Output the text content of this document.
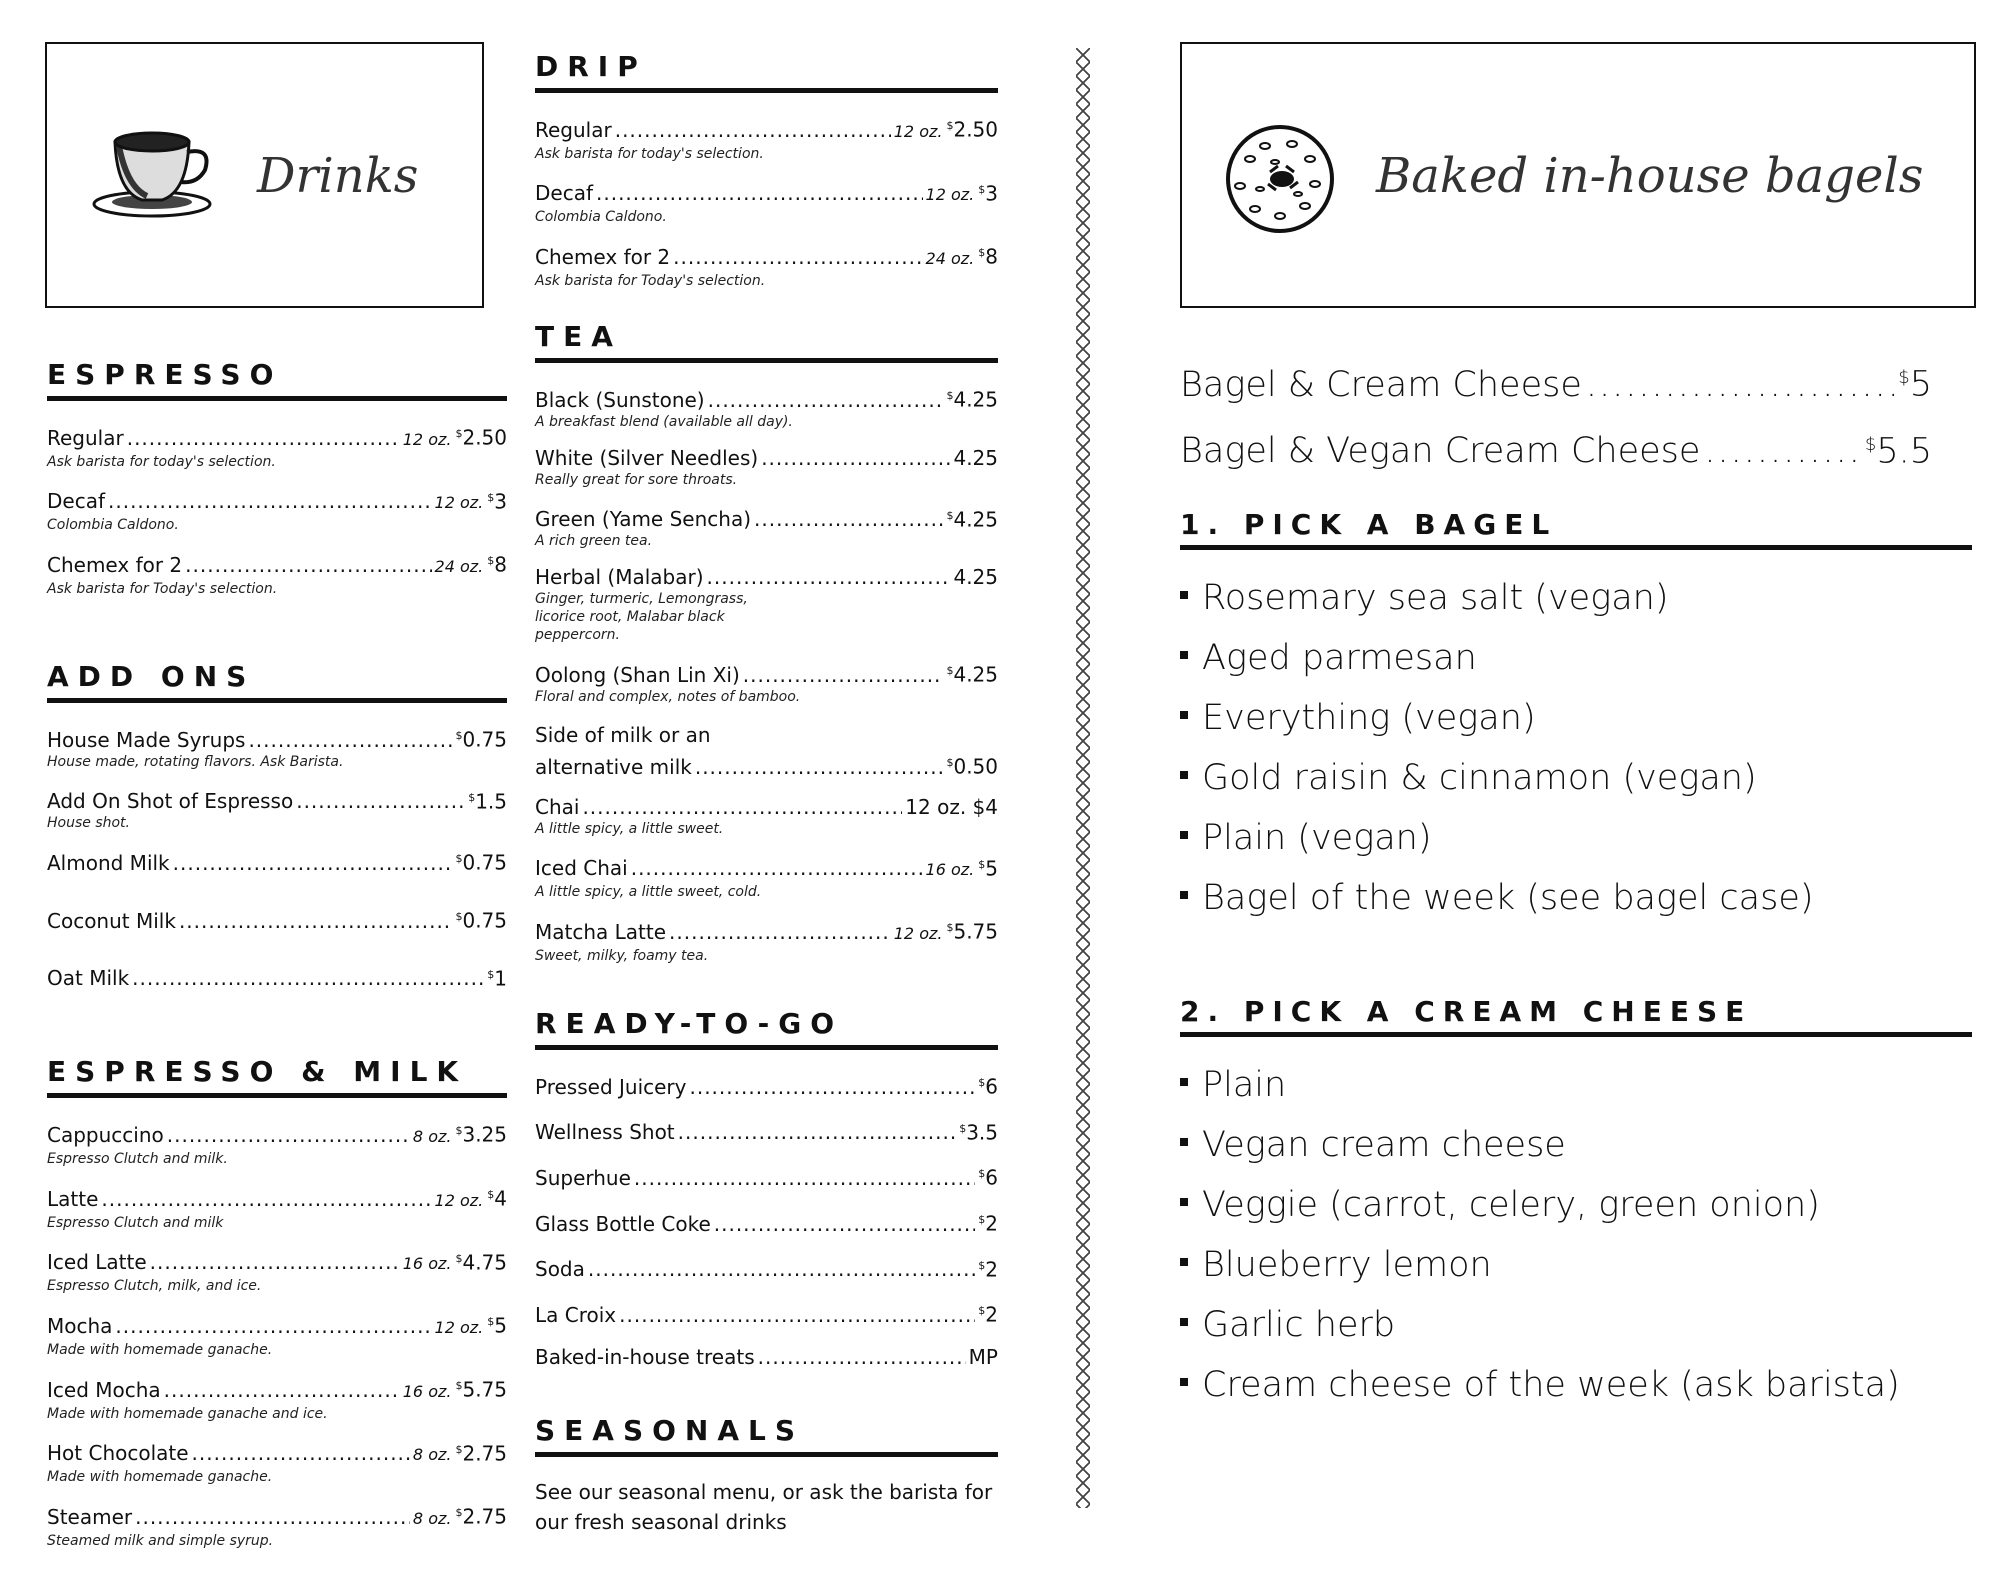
Drinks
ESPRESSO
Regular .....	12 oz. $2.50
Ask barista for today's selection.
Decaf .....	12 oz. $3
Colombia Caldono.
Chemex for 2 .....	24 oz. $8
Ask barista for Today's selection.
ADD ONS
House Made Syrups .....	$0.75
House made, rotating flavors. Ask Barista.
Add On Shot of Espresso .....	$1.5
House shot.
Almond Milk .....	$0.75
Coconut Milk .....	$0.75
Oat Milk .....	$1
ESPRESSO & MILK
Cappuccino .....	8 oz. $3.25
Espresso Clutch and milk.
Latte .....	12 oz. $4
Espresso Clutch and milk
Iced Latte .....	16 oz. $4.75
Espresso Clutch, milk, and ice.
Mocha .....	12 oz. $5
Made with homemade ganache.
Iced Mocha .....	16 oz. $5.75
Made with homemade ganache and ice.
Hot Chocolate .....	8 oz. $2.75
Made with homemade ganache.
Steamer .....	8 oz. $2.75
Steamed milk and simple syrup.
DRIP
Regular .....	12 oz. $2.50
Ask barista for today's selection.
Decaf .....	12 oz. $3
Colombia Caldono.
Chemex for 2 .....	24 oz. $8
Ask barista for Today's selection.
TEA
Black (Sunstone) .....	$4.25
A breakfast blend (available all day).
White (Silver Needles) .....	4.25
Really great for sore throats.
Green (Yame Sencha) .....	$4.25
A rich green tea.
Herbal (Malabar) .....	4.25
Ginger, turmeric, Lemongrass, licorice root, Malabar black peppercorn.
Oolong (Shan Lin Xi) .....	$4.25
Floral and complex, notes of bamboo.
Side of milk or an
alternative milk .....	$0.50
Chai .....	12 oz. $4
A little spicy, a little sweet.
Iced Chai .....	16 oz. $5
A little spicy, a little sweet, cold.
Matcha Latte .....	12 oz. $5.75
Sweet, milky, foamy tea.
READY-TO-GO
Pressed Juicery .....	$6
Wellness Shot .....	$3.5
Superhue .....	$6
Glass Bottle Coke .....	$2
Soda .....	$2
La Croix .....	$2
Baked-in-house treats .....	MP
SEASONALS
See our seasonal menu, or ask the barista for our fresh seasonal drinks
Baked in-house bagels
Bagel & Cream Cheese .....	$5
Bagel & Vegan Cream Cheese .....	$5.5
1. PICK A BAGEL
Rosemary sea salt (vegan)
Aged parmesan
Everything (vegan)
Gold raisin & cinnamon (vegan)
Plain (vegan)
Bagel of the week (see bagel case)
2. PICK A CREAM CHEESE
Plain
Vegan cream cheese
Veggie (carrot, celery, green onion)
Blueberry lemon
Garlic herb
Cream cheese of the week (ask barista)
